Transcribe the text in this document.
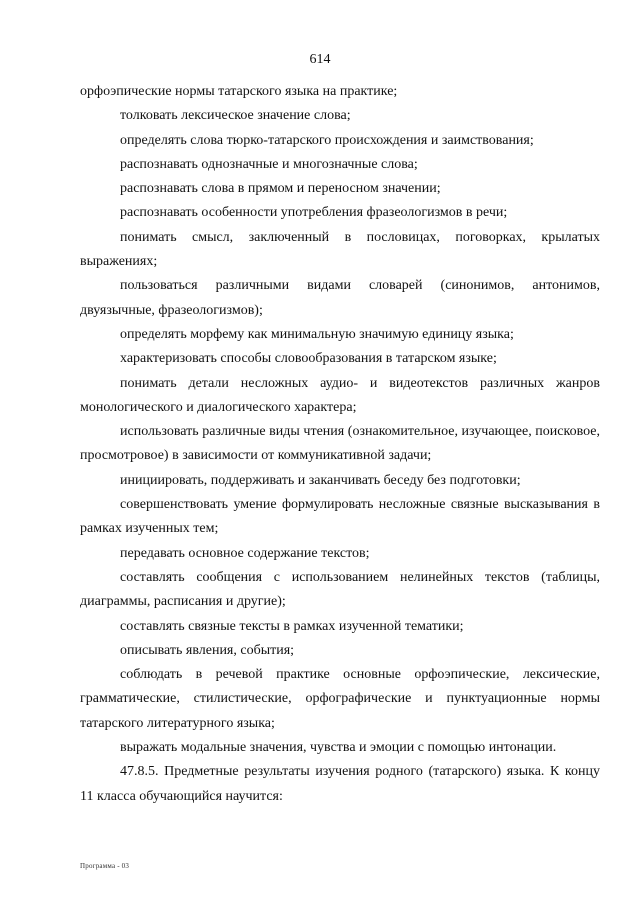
614

орфоэпические нормы татарского языка на практике;

толковать лексическое значение слова;

определять слова тюрко-татарского происхождения и заимствования;

распознавать однозначные и многозначные слова;

распознавать слова в прямом и переносном значении;

распознавать особенности употребления фразеологизмов в речи;

понимать смысл, заключенный в пословицах, поговорках, крылатых выражениях;

пользоваться различными видами словарей (синонимов, антонимов, двуязычные, фразеологизмов);

определять морфему как минимальную значимую единицу языка;

характеризовать способы словообразования в татарском языке;

понимать детали несложных аудио- и видеотекстов различных жанров монологического и диалогического характера;

использовать различные виды чтения (ознакомительное, изучающее, поисковое, просмотровое) в зависимости от коммуникативной задачи;

инициировать, поддерживать и заканчивать беседу без подготовки;

совершенствовать умение формулировать несложные связные высказывания в рамках изученных тем;

передавать основное содержание текстов;

составлять сообщения с использованием нелинейных текстов (таблицы, диаграммы, расписания и другие);

составлять связные тексты в рамках изученной тематики;

описывать явления, события;

соблюдать в речевой практике основные орфоэпические, лексические, грамматические, стилистические, орфографические и пунктуационные нормы татарского литературного языка;

выражать модальные значения, чувства и эмоции с помощью интонации.

47.8.5. Предметные результаты изучения родного (татарского) языка. К концу 11 класса обучающийся научится:

Программа - 03
